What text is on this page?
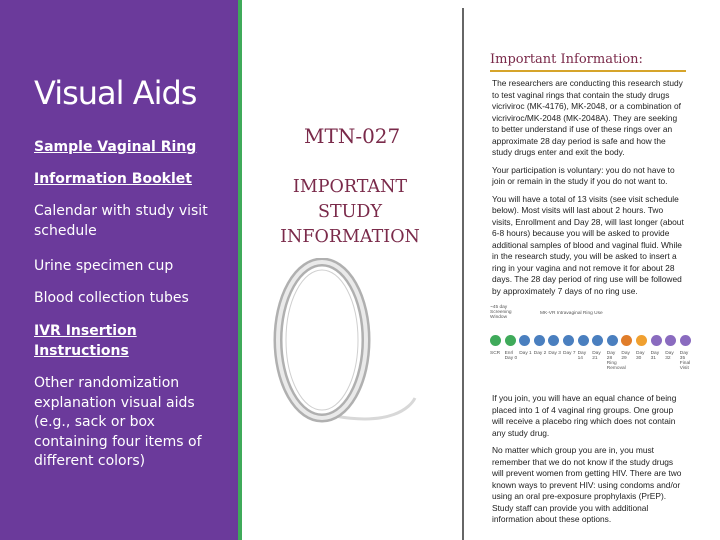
Visual Aids
Sample Vaginal Ring
Information Booklet
Calendar with study visit schedule
Urine specimen cup
Blood collection tubes
IVR Insertion Instructions
Other randomization explanation visual aids (e.g., sack or box containing four items of different colors)

MTN-027

IMPORTANT STUDY INFORMATION

Important Information:

The researchers are conducting this research study to test vaginal rings that contain the study drugs vicriviroc (MK-4176), MK-2048, or a combination of vicriviroc/MK-2048 (MK-2048A). They are seeking to better understand if use of these rings over an approximate 28 day period is safe and how the study drugs enter and exit the body.

Your participation is voluntary: you do not have to join or remain in the study if you do not want to.

You will have a total of 13 visits (see visit schedule below). Most visits will last about 2 hours. Two visits, Enrollment and Day 28, will last longer (about 6-8 hours) because you will be asked to provide additional samples of blood and vaginal fluid. While in the research study, you will be asked to insert a ring in your vagina and not remove it for about 28 days. The 28 day period of ring use will be followed by approximately 7 days of no ring use.

~45 day Screening Window
MK-VR Intravaginal Ring Use
SCR Enrl Day 0
Day 1 Day 2 Day 3 Day 7 Day 14
Day 21
Day 28 Ring Removal
Day 29
Day 30
Day 31
Day 32
Day 35 Final Visit

If you join, you will have an equal chance of being placed into 1 of 4 vaginal ring groups. One group will receive a placebo ring which does not contain any study drug.

No matter which group you are in, you must remember that we do not know if the study drugs will prevent women from getting HIV. There are two known ways to prevent HIV: using condoms and/or using an oral pre-exposure prophylaxis (PrEP). Study staff can provide you with additional information about these options.
